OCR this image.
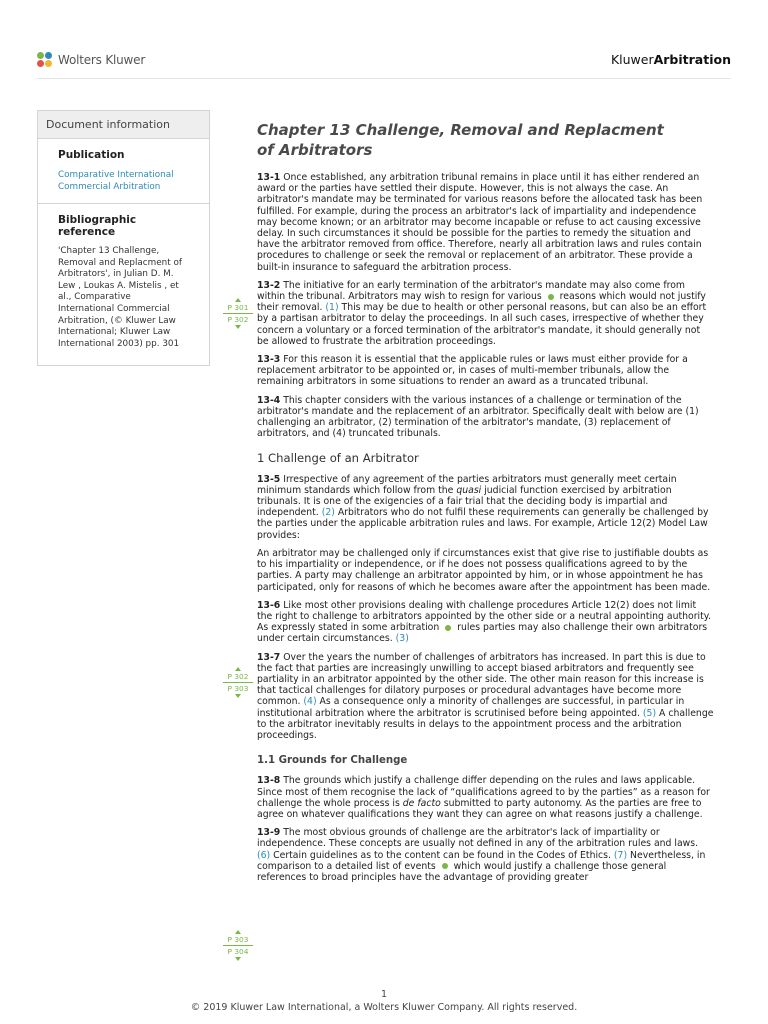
Wolters Kluwer	KluwerArbitration
Document information
Publication
Comparative International Commercial Arbitration
Bibliographic reference
'Chapter 13 Challenge, Removal and Replacment of Arbitrators', in Julian D. M. Lew , Loukas A. Mistelis , et al., Comparative International Commercial Arbitration, (© Kluwer Law International; Kluwer Law International 2003) pp. 301
P 301
P 302
P 302
P 303
P 303
P 304
Chapter 13 Challenge, Removal and Replacment of Arbitrators

13-1 Once established, any arbitration tribunal remains in place until it has either rendered an award or the parties have settled their dispute. However, this is not always the case. An arbitrator's mandate may be terminated for various reasons before the allocated task has been fulfilled. For example, during the process an arbitrator's lack of impartiality and independence may become known; or an arbitrator may become incapable or refuse to act causing excessive delay. In such circumstances it should be possible for the parties to remedy the situation and have the arbitrator removed from office. Therefore, nearly all arbitration laws and rules contain procedures to challenge or seek the removal or replacement of an arbitrator. These provide a built-in insurance to safeguard the arbitration process.

13-2 The initiative for an early termination of the arbitrator's mandate may also come from within the tribunal. Arbitrators may wish to resign for various  reasons which would not justify their removal. (1) This may be due to health or other personal reasons, but can also be an effort by a partisan arbitrator to delay the proceedings. In all such cases, irrespective of whether they concern a voluntary or a forced termination of the arbitrator's mandate, it should generally not be allowed to frustrate the arbitration proceedings.

13-3 For this reason it is essential that the applicable rules or laws must either provide for a replacement arbitrator to be appointed or, in cases of multi-member tribunals, allow the remaining arbitrators in some situations to render an award as a truncated tribunal.

13-4 This chapter considers with the various instances of a challenge or termination of the arbitrator's mandate and the replacement of an arbitrator. Specifically dealt with below are (1) challenging an arbitrator, (2) termination of the arbitrator's mandate, (3) replacement of arbitrators, and (4) truncated tribunals.

1 Challenge of an Arbitrator

13-5 Irrespective of any agreement of the parties arbitrators must generally meet certain minimum standards which follow from the quasi judicial function exercised by arbitration tribunals. It is one of the exigencies of a fair trial that the deciding body is impartial and independent. (2) Arbitrators who do not fulfil these requirements can generally be challenged by the parties under the applicable arbitration rules and laws. For example, Article 12(2) Model Law provides:

An arbitrator may be challenged only if circumstances exist that give rise to justifiable doubts as to his impartiality or independence, or if he does not possess qualifications agreed to by the parties. A party may challenge an arbitrator appointed by him, or in whose appointment he has participated, only for reasons of which he becomes aware after the appointment has been made.

13-6 Like most other provisions dealing with challenge procedures Article 12(2) does not limit the right to challenge to arbitrators appointed by the other side or a neutral appointing authority. As expressly stated in some arbitration  rules parties may also challenge their own arbitrators under certain circumstances. (3)

13-7 Over the years the number of challenges of arbitrators has increased. In part this is due to the fact that parties are increasingly unwilling to accept biased arbitrators and frequently see partiality in an arbitrator appointed by the other side. The other main reason for this increase is that tactical challenges for dilatory purposes or procedural advantages have become more common. (4) As a consequence only a minority of challenges are successful, in particular in institutional arbitration where the arbitrator is scrutinised before being appointed. (5) A challenge to the arbitrator inevitably results in delays to the appointment process and the arbitration proceedings.

1.1 Grounds for Challenge

13-8 The grounds which justify a challenge differ depending on the rules and laws applicable. Since most of them recognise the lack of “qualifications agreed to by the parties” as a reason for challenge the whole process is de facto submitted to party autonomy. As the parties are free to agree on whatever qualifications they want they can agree on what reasons justify a challenge.

13-9 The most obvious grounds of challenge are the arbitrator's lack of impartiality or independence. These concepts are usually not defined in any of the arbitration rules and laws. (6) Certain guidelines as to the content can be found in the Codes of Ethics. (7) Nevertheless, in comparison to a detailed list of events  which would justify a challenge those general references to broad principles have the advantage of providing greater

1
© 2019 Kluwer Law International, a Wolters Kluwer Company. All rights reserved.
